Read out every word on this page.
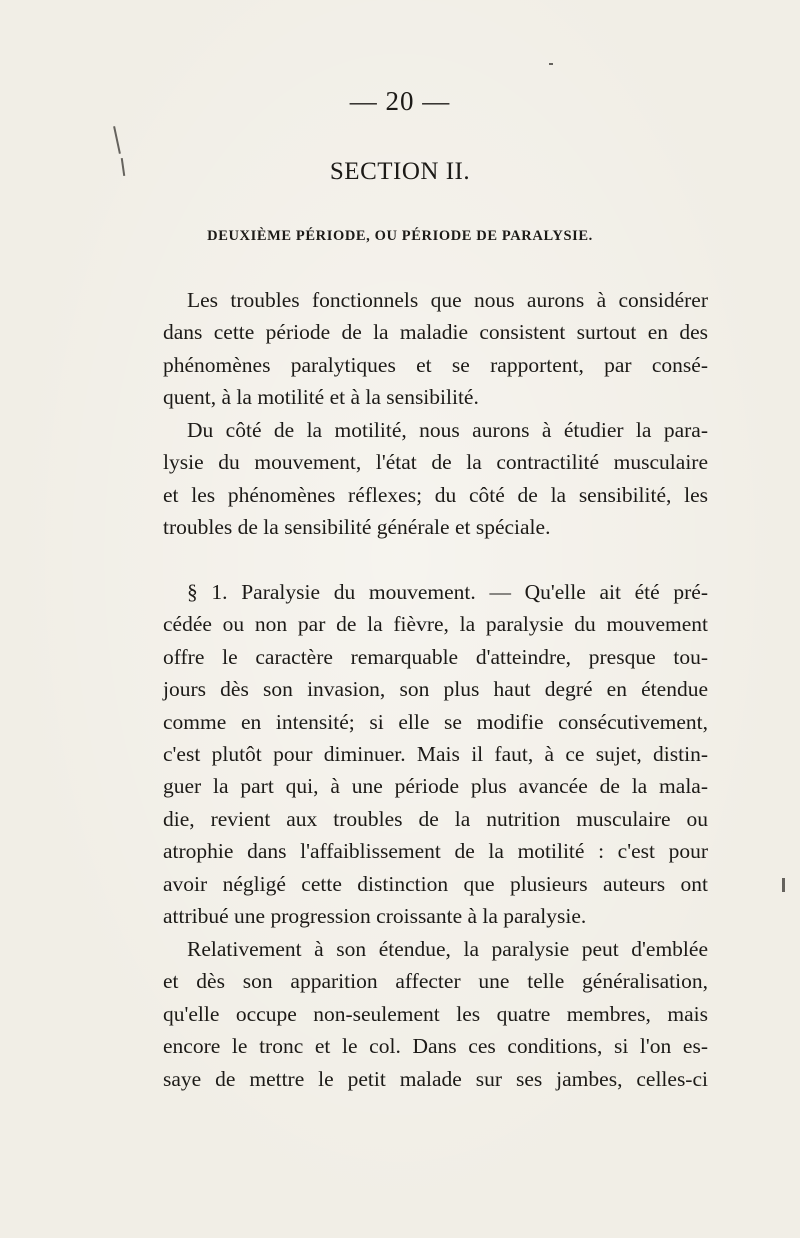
— 20 —
SECTION II.
DEUXIÈME PÉRIODE, OU PÉRIODE DE PARALYSIE.
Les troubles fonctionnels que nous aurons à considérer
dans cette période de la maladie consistent surtout en des
phénomènes paralytiques et se rapportent, par consé-
quent, à la motilité et à la sensibilité.
Du côté de la motilité, nous aurons à étudier la para-
lysie du mouvement, l'état de la contractilité musculaire
et les phénomènes réflexes; du côté de la sensibilité, les
troubles de la sensibilité générale et spéciale.
§ 1. Paralysie du mouvement. — Qu'elle ait été pré-
cédée ou non par de la fièvre, la paralysie du mouvement
offre le caractère remarquable d'atteindre, presque tou-
jours dès son invasion, son plus haut degré en étendue
comme en intensité; si elle se modifie consécutivement,
c'est plutôt pour diminuer. Mais il faut, à ce sujet, distin-
guer la part qui, à une période plus avancée de la mala-
die, revient aux troubles de la nutrition musculaire ou
atrophie dans l'affaiblissement de la motilité : c'est pour
avoir négligé cette distinction que plusieurs auteurs ont
attribué une progression croissante à la paralysie.
Relativement à son étendue, la paralysie peut d'emblée
et dès son apparition affecter une telle généralisation,
qu'elle occupe non-seulement les quatre membres, mais
encore le tronc et le col. Dans ces conditions, si l'on es-
saye de mettre le petit malade sur ses jambes, celles-ci
